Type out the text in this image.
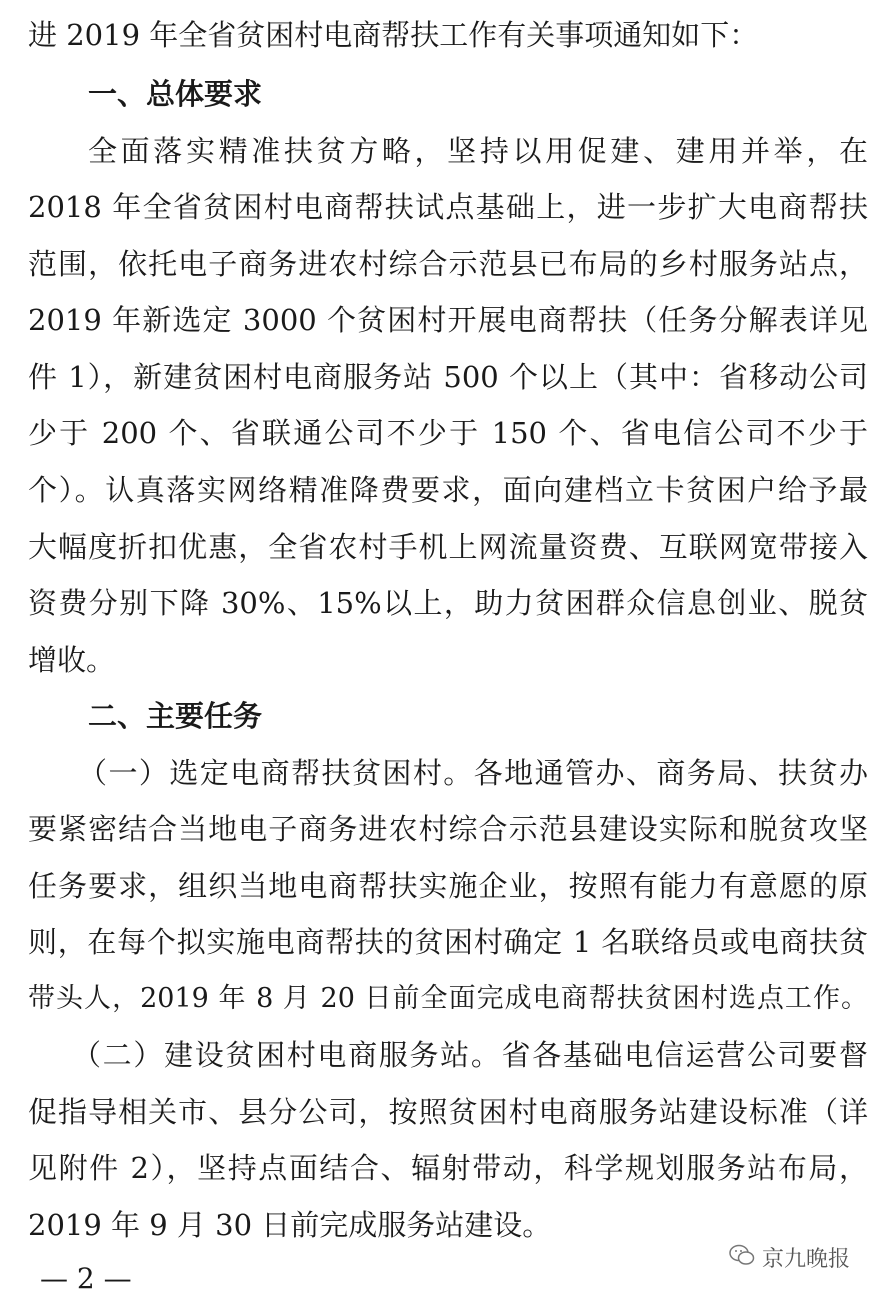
进 2019 年全省贫困村电商帮扶工作有关事项通知如下：
一、总体要求
全面落实精准扶贫方略，坚持以用促建、建用并举，在
2018 年全省贫困村电商帮扶试点基础上，进一步扩大电商帮扶
范围，依托电子商务进农村综合示范县已布局的乡村服务站点，
2019 年新选定 3000 个贫困村开展电商帮扶（任务分解表详见
件 1），新建贫困村电商服务站 500 个以上（其中：省移动公司
少于 200 个、省联通公司不少于 150 个、省电信公司不少于
个）。认真落实网络精准降费要求，面向建档立卡贫困户给予最
大幅度折扣优惠，全省农村手机上网流量资费、互联网宽带接入
资费分别下降 30%、15%以上，助力贫困群众信息创业、脱贫
增收。
二、主要任务
（一）选定电商帮扶贫困村。各地通管办、商务局、扶贫办
要紧密结合当地电子商务进农村综合示范县建设实际和脱贫攻坚
任务要求，组织当地电商帮扶实施企业，按照有能力有意愿的原
则，在每个拟实施电商帮扶的贫困村确定 1 名联络员或电商扶贫
带头人，2019 年 8 月 20 日前全面完成电商帮扶贫困村选点工作。
（二）建设贫困村电商服务站。省各基础电信运营公司要督
促指导相关市、县分公司，按照贫困村电商服务站建设标准（详
见附件 2），坚持点面结合、辐射带动，科学规划服务站布局，
2019 年 9 月 30 日前完成服务站建设。
— 2 —
京九晚报
